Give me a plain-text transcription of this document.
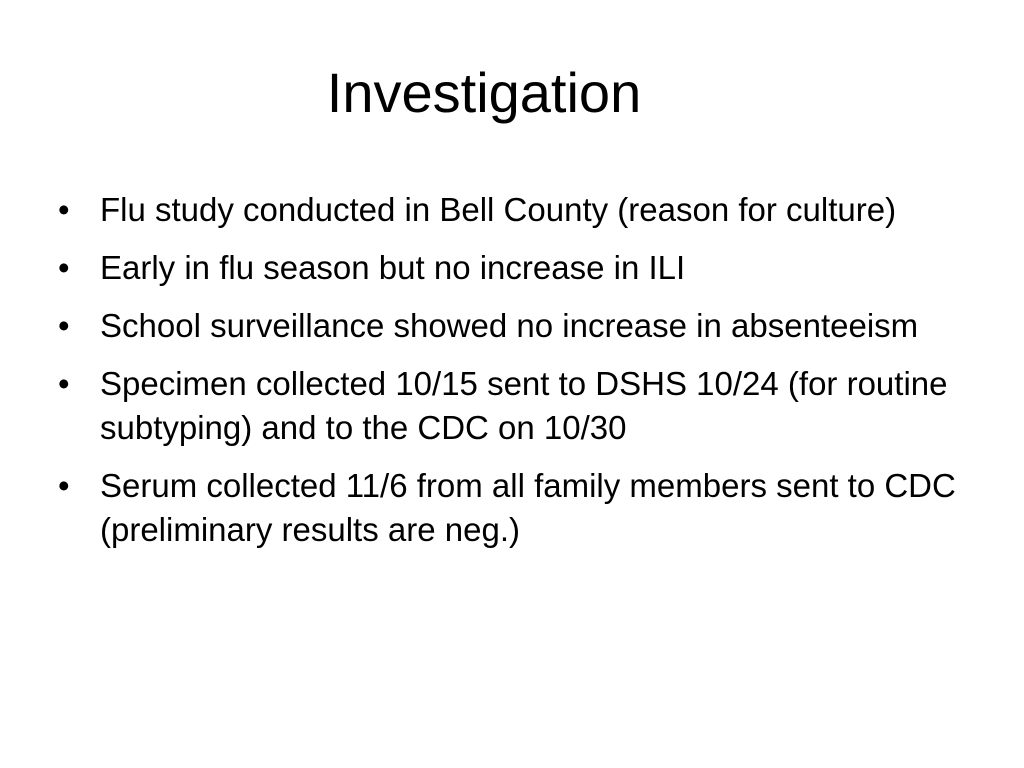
Investigation
• Flu study conducted in Bell County (reason for culture)
• Early in flu season but no increase in ILI
• School surveillance showed no increase in absenteeism
• Specimen collected 10/15 sent to DSHS 10/24 (for routine subtyping) and to the CDC on 10/30
• Serum collected 11/6 from all family members sent to CDC (preliminary results are neg.)
